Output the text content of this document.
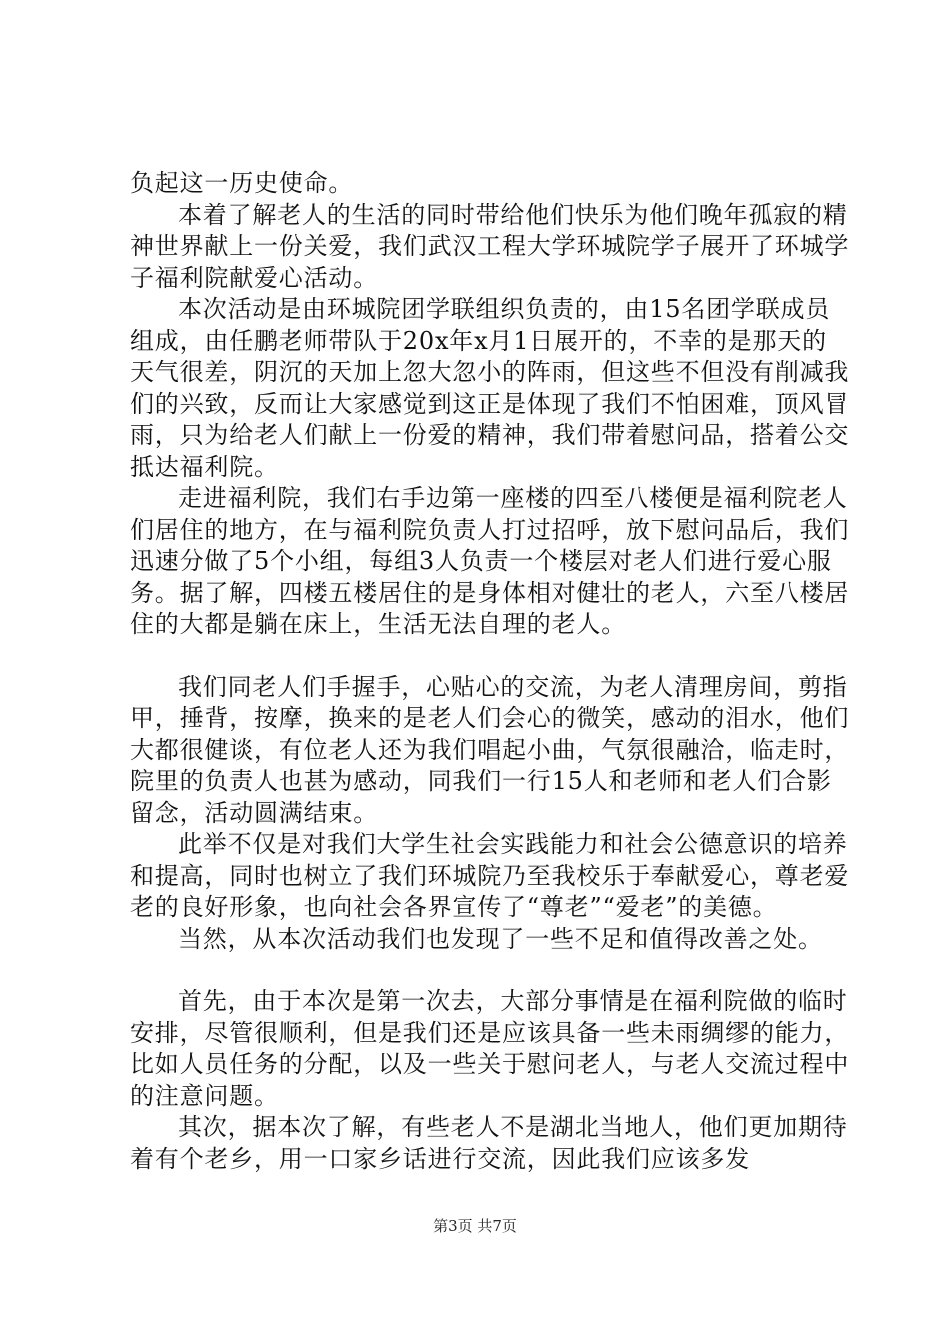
负起这一历史使命。

本着了解老人的生活的同时带给他们快乐为他们晚年孤寂的精神世界献上一份关爱，我们武汉工程大学环城院学子展开了环城学子福利院献爱心活动。

本次活动是由环城院团学联组织负责的，由15名团学联成员组成，由任鹏老师带队于20x年x月1日展开的，不幸的是那天的天气很差，阴沉的天加上忽大忽小的阵雨，但这些不但没有削减我们的兴致，反而让大家感觉到这正是体现了我们不怕困难，顶风冒雨，只为给老人们献上一份爱的精神，我们带着慰问品，搭着公交抵达福利院。

走进福利院，我们右手边第一座楼的四至八楼便是福利院老人们居住的地方，在与福利院负责人打过招呼，放下慰问品后，我们迅速分做了5个小组，每组3人负责一个楼层对老人们进行爱心服务。据了解，四楼五楼居住的是身体相对健壮的老人，六至八楼居住的大都是躺在床上，生活无法自理的老人。

我们同老人们手握手，心贴心的交流，为老人清理房间，剪指甲，捶背，按摩，换来的是老人们会心的微笑，感动的泪水，他们大都很健谈，有位老人还为我们唱起小曲，气氛很融洽，临走时，院里的负责人也甚为感动，同我们一行15人和老师和老人们合影留念，活动圆满结束。

此举不仅是对我们大学生社会实践能力和社会公德意识的培养和提高，同时也树立了我们环城院乃至我校乐于奉献爱心，尊老爱老的良好形象，也向社会各界宣传了“尊老”“爱老”的美德。

当然，从本次活动我们也发现了一些不足和值得改善之处。

首先，由于本次是第一次去，大部分事情是在福利院做的临时安排，尽管很顺利，但是我们还是应该具备一些未雨绸缪的能力，比如人员任务的分配，以及一些关于慰问老人，与老人交流过程中的注意问题。

其次，据本次了解，有些老人不是湖北当地人，他们更加期待着有个老乡，用一口家乡话进行交流，因此我们应该多发

第3页 共7页
